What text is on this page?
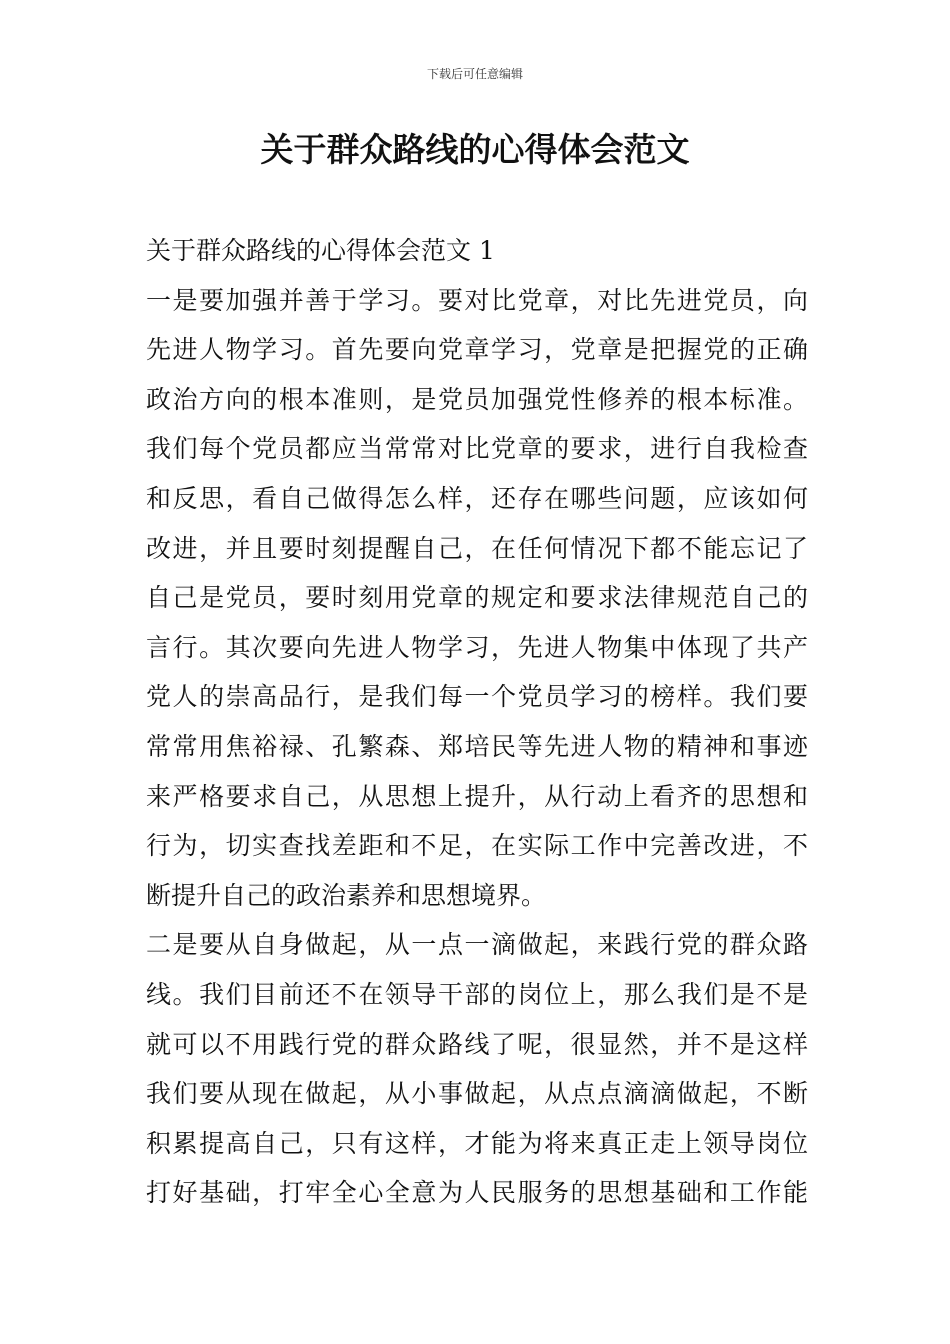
下载后可任意编辑
关于群众路线的心得体会范文
关于群众路线的心得体会范文 1
一是要加强并善于学习。要对比党章，对比先进党员，向
先进人物学习。首先要向党章学习，党章是把握党的正确
政治方向的根本准则，是党员加强党性修养的根本标准。
我们每个党员都应当常常对比党章的要求，进行自我检查
和反思，看自己做得怎么样，还存在哪些问题，应该如何
改进，并且要时刻提醒自己，在任何情况下都不能忘记了
自己是党员，要时刻用党章的规定和要求法律规范自己的
言行。其次要向先进人物学习，先进人物集中体现了共产
党人的崇高品行，是我们每一个党员学习的榜样。我们要
常常用焦裕禄、孔繁森、郑培民等先进人物的精神和事迹
来严格要求自己，从思想上提升，从行动上看齐的思想和
行为，切实查找差距和不足，在实际工作中完善改进，不
断提升自己的政治素养和思想境界。
二是要从自身做起，从一点一滴做起，来践行党的群众路
线。我们目前还不在领导干部的岗位上，那么我们是不是
就可以不用践行党的群众路线了呢，很显然，并不是这样
我们要从现在做起，从小事做起，从点点滴滴做起，不断
积累提高自己，只有这样，才能为将来真正走上领导岗位
打好基础，打牢全心全意为人民服务的思想基础和工作能
